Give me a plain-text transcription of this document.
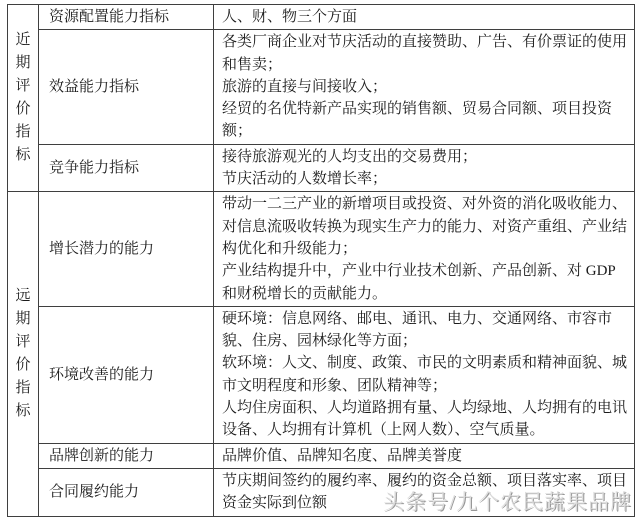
近期评价指标	资源配置能力指标	人、财、物三个方面

	效益能力指标	各类厂商企业对节庆活动的直接赞助、广告、有价票证的使用和售卖；
旅游的直接与间接收入；
经贸的名优特新产品实现的销售额、贸易合同额、项目投资额；

	竞争能力指标	接待旅游观光的人均支出的交易费用；
节庆活动的人数增长率；

远期评价指标	增长潜力的能力	带动一二三产业的新增项目或投资、对外资的消化吸收能力、对信息流吸收转换为现实生产力的能力、对资产重组、产业结构优化和升级能力；
产业结构提升中，产业中行业技术创新、产品创新、对 GDP 和财税增长的贡献能力。

	环境改善的能力	硬环境：信息网络、邮电、通讯、电力、交通网络、市容市貌、住房、园林绿化等方面；
软环境：人文、制度、政策、市民的文明素质和精神面貌、城市文明程度和形象、团队精神等；
人均住房面积、人均道路拥有量、人均绿地、人均拥有的电讯设备、人均拥有计算机（上网人数）、空气质量。

	品牌创新的能力	品牌价值、品牌知名度、品牌美誉度

	合同履约能力	节庆期间签约的履约率、履约的资金总额、项目落实率、项目资金实际到位额	头条号/九个农民蔬果品牌
